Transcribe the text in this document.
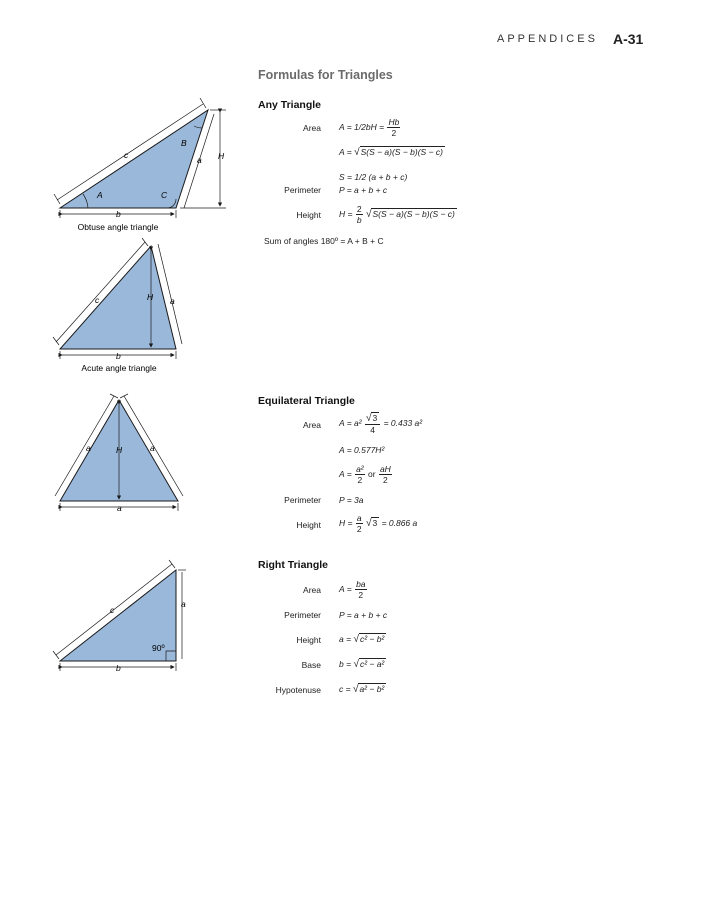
APPENDICES A-31
Formulas for Triangles
Any Triangle
Area $A = 1/2bH = \frac{Hb}{2}$
A = √S(S − a)(S − b)(S − c)
S = 1/2 (a + b + c)
Perimeter P = a + b + c
Height $H = \frac{2}{b} √S(S - a)(S - b)(S - c)$
Sum of angles 180º = A + B + C
Equilateral Triangle
Area $A = a^2 \frac{√3}{4} = 0.433$ a²
A = 0.577H²
$A = \frac{\text{a²}}{2}$ or $\frac{aH}{2}$
Perimeter P = 3a
Height $H = \frac{a}{2} √3 = 0.866$ a
Right Triangle
Area $A = \frac{ba}{2}$
Perimeter P = a + b + c
Height a = √c² − b²
Base b = √c² − a²
Hypotenuse c = √a² − b²
c
B
a H
A	C
b
Obtuse angle triangle
c	H a
b
Acute angle triangle
a	H	a
a
c
a
90º
b
